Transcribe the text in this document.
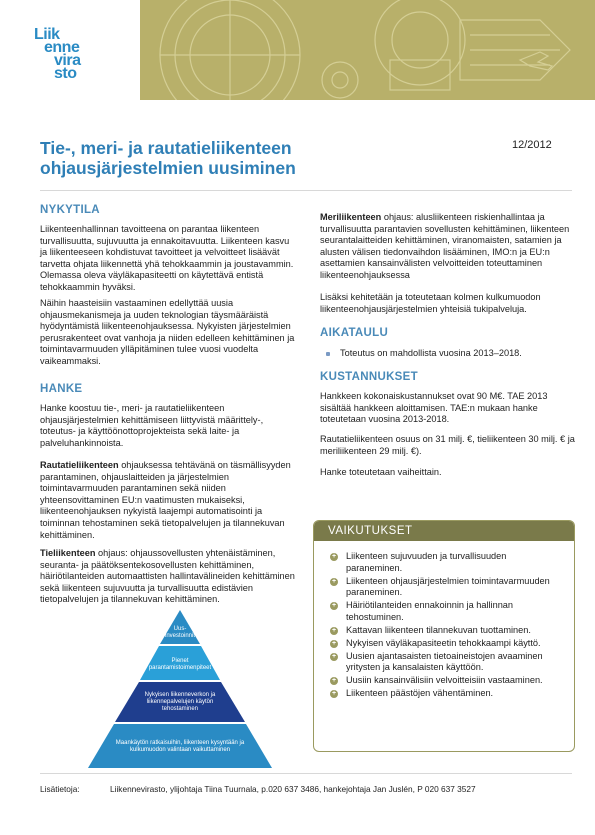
Liik
enne
vira
sto
Tie-, meri- ja rautatieliikenteen
ohjausjärjestelmien uusiminen
12/2012
NYKYTILA
Liikenteenhallinnan tavoitteena on parantaa liikenteen turvallisuutta, sujuvuutta ja ennakoitavuutta. Liikenteen kasvu ja liikenteeseen kohdistuvat tavoitteet ja velvoitteet lisäävät tarvetta ohjata liikennettä yhä tehokkaammin ja joustavammin. Olemassa oleva väyläkapasiteetti on käytettävä entistä tehokkaammin hyväksi.
Näihin haasteisiin vastaaminen edellyttää uusia ohjausmekanismeja ja uuden teknologian täysmääräistä hyödyntämistä liikenteenohjauksessa. Nykyisten järjestelmien perusrakenteet ovat vanhoja ja niiden edelleen kehittäminen ja toimintavarmuuden ylläpitäminen tulee vuosi vuodelta vaikeammaksi.
HANKE
Hanke koostuu tie-, meri- ja rautatieliikenteen ohjausjärjestelmien kehittämiseen liittyvistä määrittely-, toteutus- ja käyttöönottoprojekteista sekä laite- ja palveluhankinnoista.
Rautatieliikenteen ohjauksessa tehtävänä on täsmällisyyden parantaminen, ohjauslaitteiden ja järjestelmien toimintavarmuuden parantaminen sekä niiden yhteensovittaminen EU:n vaatimusten mukaiseksi, liikenteenohjauksen nykyistä laajempi automatisointi ja toiminnan tehostaminen sekä tietopalvelujen ja tilannekuvan kehittäminen.
Tieliikenteen ohjaus: ohjaussovellusten yhtenäistäminen, seuranta- ja päätöksentekosovellusten kehittäminen, häiriötilanteiden automaattisten hallintavälineiden kehittäminen sekä liikenteen sujuvuutta ja turvallisuutta edistävien tietopalvelujen ja tilannekuvan kehittäminen.
Uus-
investoinnit
Pienet
parantamistoimenpiteet
Nykyisen liikenneverkon ja
liikennepalvelujen käytön
tehostaminen
Maankäytön ratkaisuihin, liikenteen kysyntään ja
kulkumuodon valintaan vaikuttaminen
Meriliikenteen ohjaus: alusliikenteen riskienhallintaa ja turvallisuutta parantavien sovellusten kehittäminen, liikenteen seurantalaitteiden kehittäminen, viranomaisten, satamien ja alusten välisen tiedonvaihdon lisääminen, IMO:n ja EU:n asettamien kansainvälisten velvoitteiden toteuttaminen liikenteenohjauksessa
Lisäksi kehitetään ja toteutetaan kolmen kulkumuodon liikenteenohjausjärjestelmien yhteisiä tukipalveluja.
AIKATAULU
Toteutus on mahdollista vuosina 2013–2018.
KUSTANNUKSET
Hankkeen kokonaiskustannukset ovat 90 M€. TAE 2013 sisältää hankkeen aloittamisen. TAE:n mukaan hanke toteutetaan vuosina 2013-2018.
Rautatieliikenteen osuus on 31 milj. €, tieliikenteen 30 milj. € ja meriliikenteen 29 milj. €).
Hanke toteutetaan vaiheittain.
VAIKUTUKSET
+ Liikenteen sujuvuuden ja turvallisuuden paraneminen.
+ Liikenteen ohjausjärjestelmien toimintavarmuuden paraneminen.
+ Häiriötilanteiden ennakoinnin ja hallinnan tehostuminen.
+ Kattavan liikenteen tilannekuvan tuottaminen.
+ Nykyisen väyläkapasiteetin tehokkaampi käyttö.
+ Uusien ajantasaisten tietoaineistojen avaaminen yritysten ja kansalaisten käyttöön.
+ Uusiin kansainvälisiin velvoitteisiin vastaaminen.
+ Liikenteen päästöjen vähentäminen.
Lisätietoja:	Liikennevirasto, ylijohtaja Tiina Tuurnala, p.020 637 3486, hankejohtaja Jan Juslén, P 020 637 3527
